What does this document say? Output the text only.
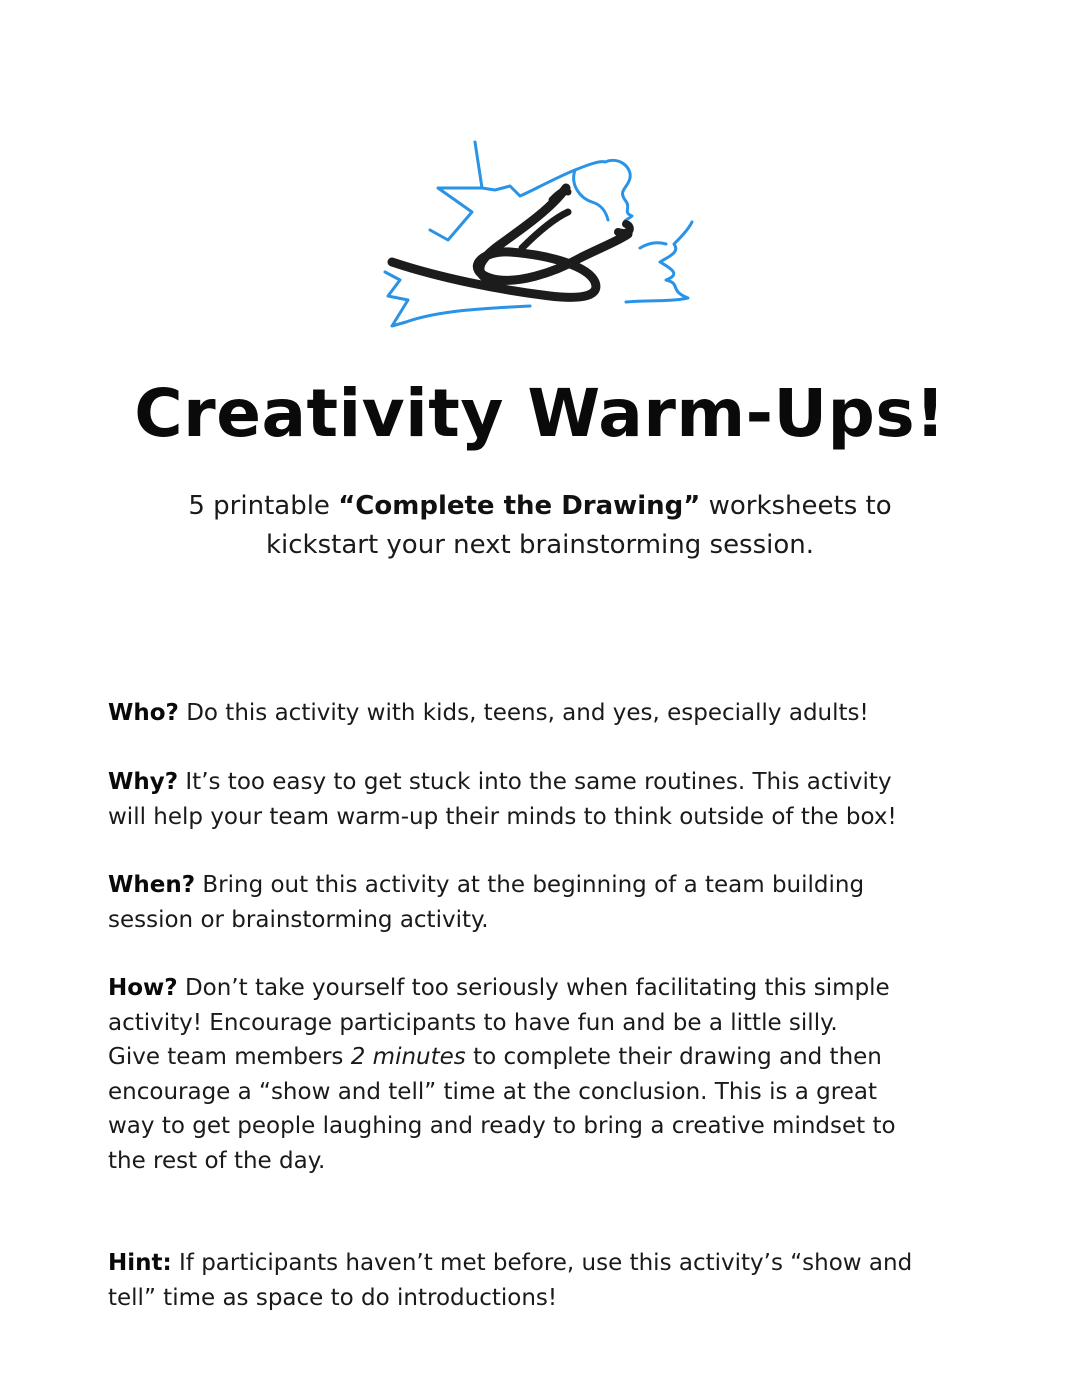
Creativity Warm-Ups!

5 printable “Complete the Drawing” worksheets to
kickstart your next brainstorming session.

Who? Do this activity with kids, teens, and yes, especially adults!

Why? It’s too easy to get stuck into the same routines. This activity
will help your team warm-up their minds to think outside of the box!

When? Bring out this activity at the beginning of a team building
session or brainstorming activity.

How? Don’t take yourself too seriously when facilitating this simple
activity! Encourage participants to have fun and be a little silly.
Give team members 2 minutes to complete their drawing and then
encourage a “show and tell” time at the conclusion. This is a great
way to get people laughing and ready to bring a creative mindset to
the rest of the day.

Hint: If participants haven’t met before, use this activity’s “show and
tell” time as space to do introductions!
